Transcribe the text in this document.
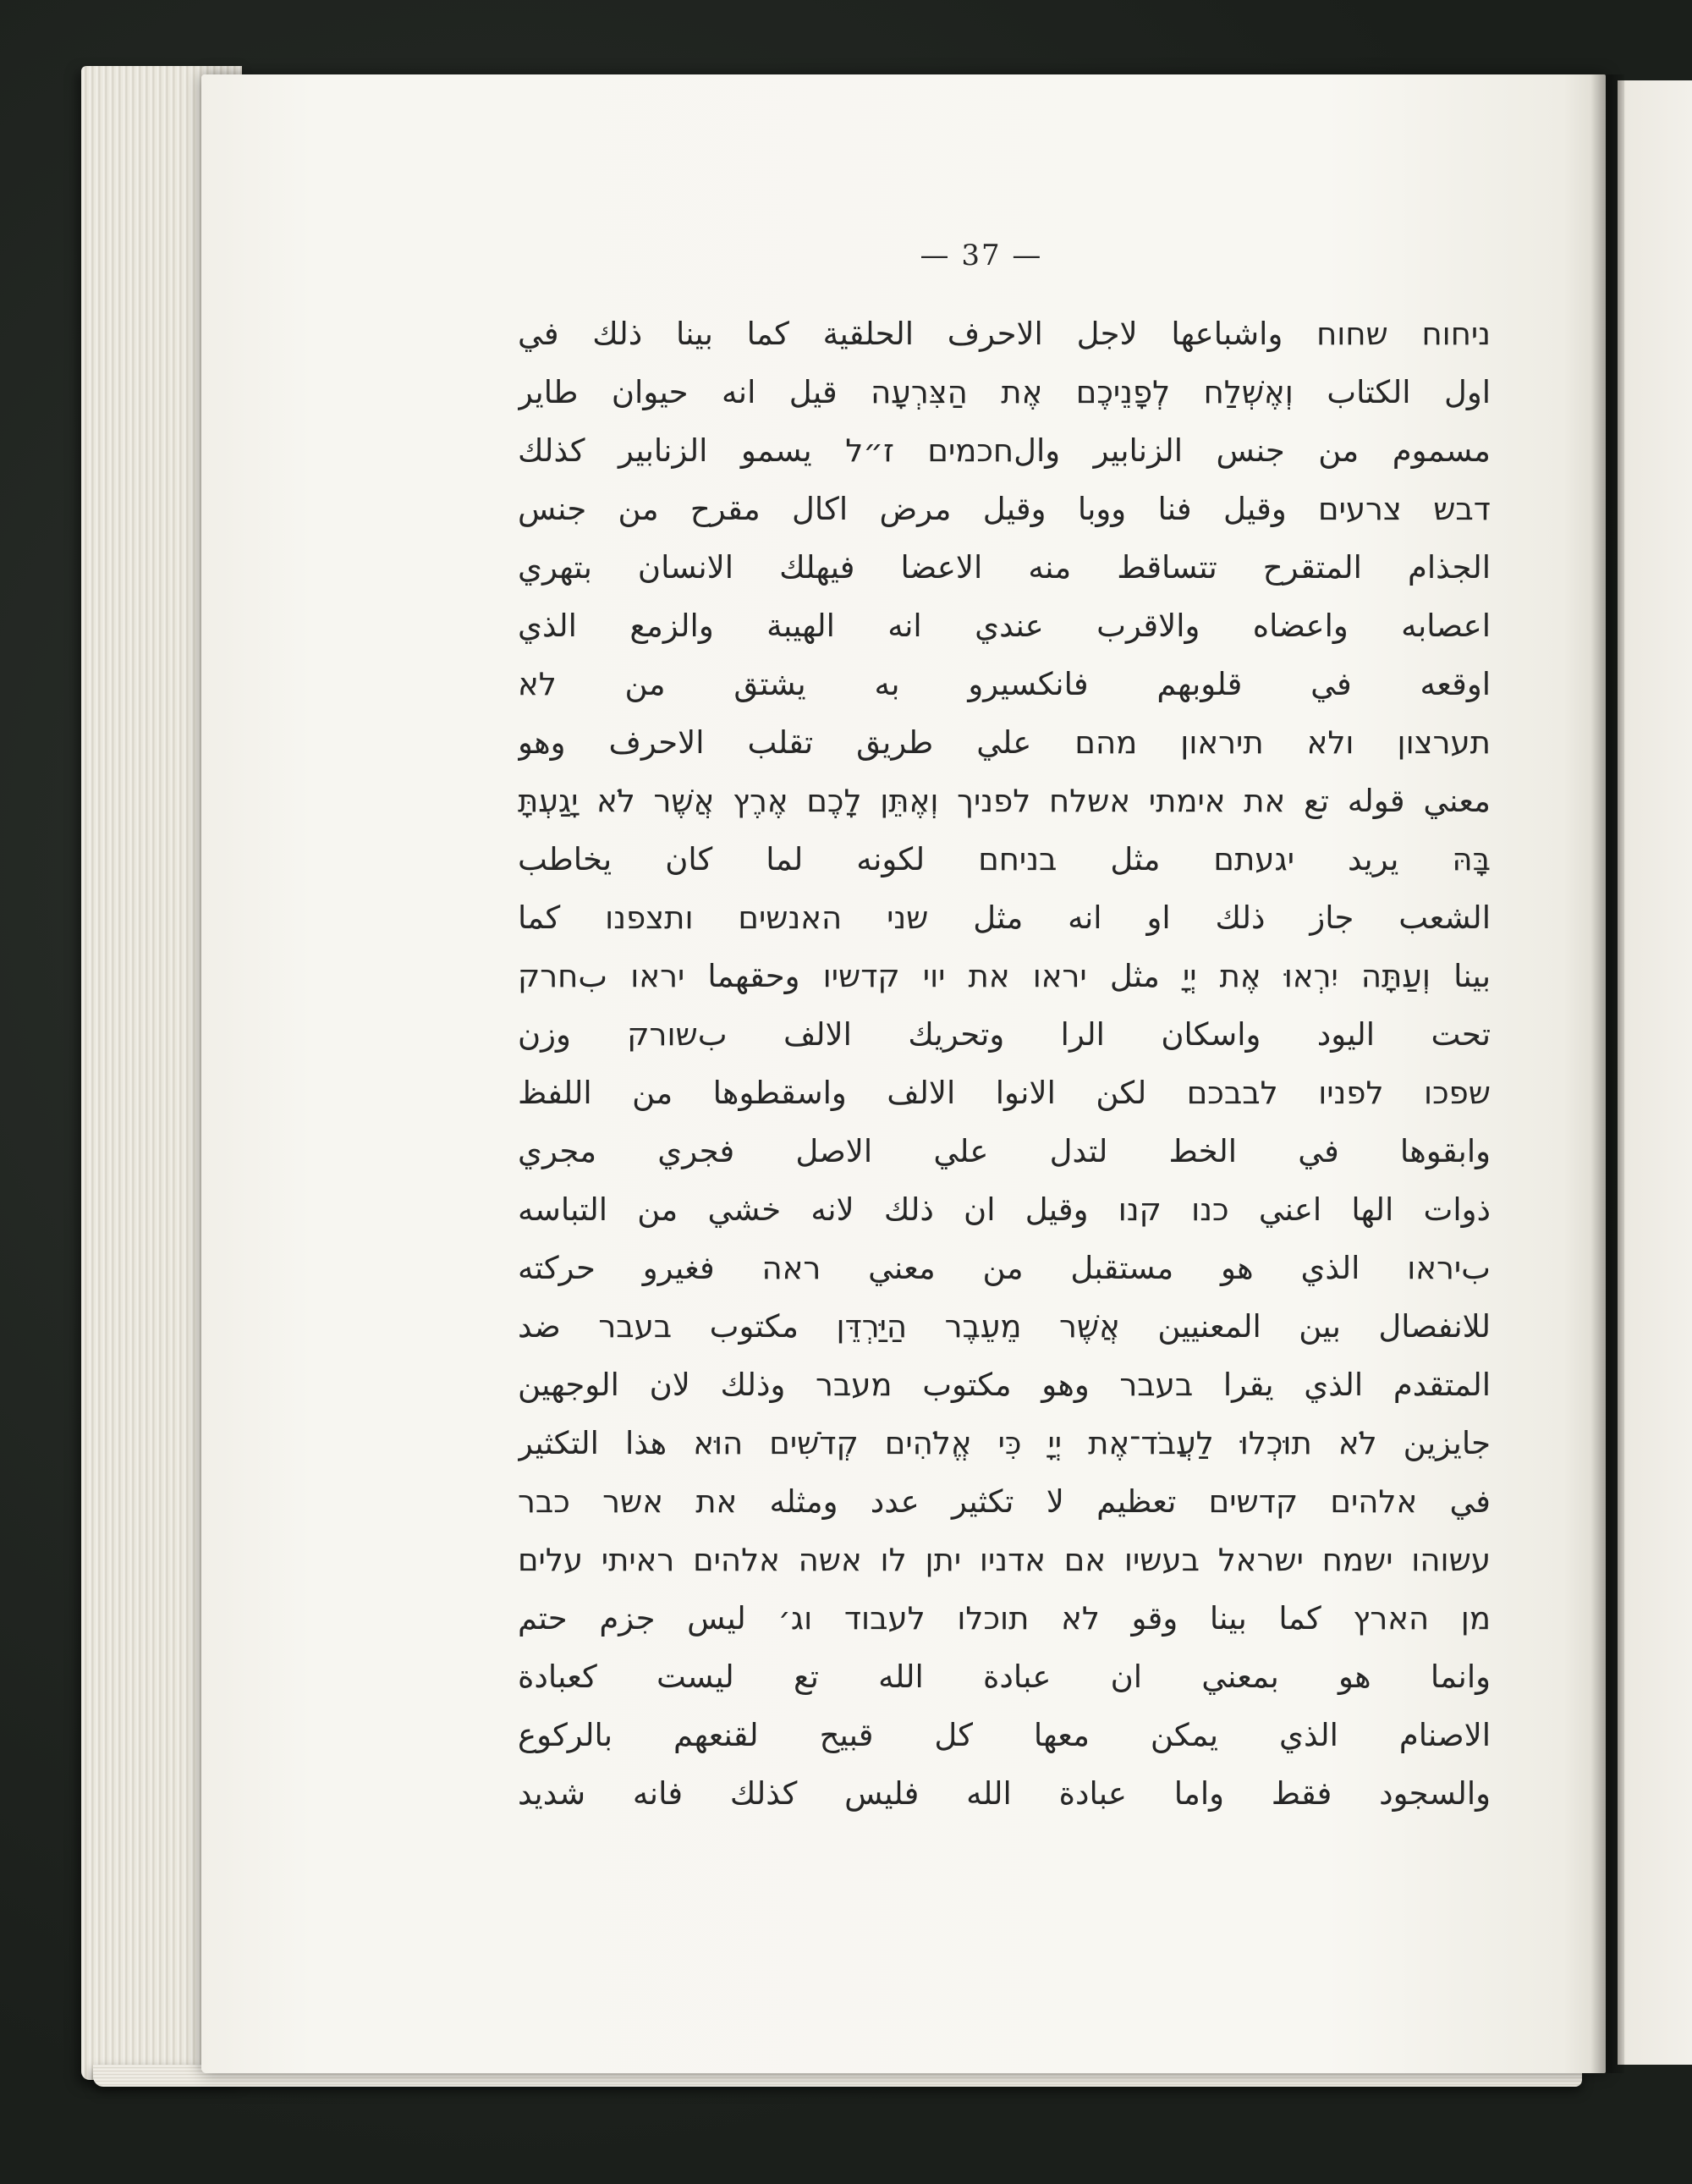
— 37 —
ניחוח שחוח واشباعها لاجل الاحرف الحلقية كما بينا ذلك في
اول الكتاب וְאֶשְׁלַח לְפָנֵיכֶם אֶת הַצִּרְעָה قيل انه حيوان طاير
مسموم من جنس الزنابير والחכמים ז״ל يسمو الزنابير كذلك
דבש צרעים وقيل فنا ووبا وقيل مرض اكال مقرح من جنس
الجذام المتقرح تتساقط منه الاعضا فيهلك الانسان بتهري
اعصابه واعضاه والاقرب عندي انه الهيبة والزمع الذي
اوقعه في قلوبهم فانكسيرو به يشتق من לא
תערצון ולא תיראון מהם علي طريق تقلب الاحرف وهو
معني قوله تع את אימתי אשלח לפניך וְאֶתֵּן לָכֶם אֶרֶץ אֲשֶׁר לֹא יָגַעְתָּ
בָּהּ يريد יגעתם مثل בניחם لكونه لما كان يخاطب
الشعب جاز ذلك او انه مثل שני האנשים ותצפנו كما
بينا וְעַתָּה יִרְאוּ אֶת יְיָ مثل יראו את יוי קדשיו وحقهما יראו بחרק
تحت اليود واسكان الرا وتحريك الالف بשורק وزن
שפכו לפניו לבבכם لكن الانوا الالف واسقطوها من اللفظ
وابقوها في الخط لتدل علي الاصل فجري مجري
ذوات الها اعني כנו קנו وقيل ان ذلك لانه خشي من التباسه
بיראו الذي هو مستقبل من معني ראה فغيرو حركته
للانفصال بين المعنيين אֲשֶׁר מֵעֵבֶר הַיַּרְדֵּן مكتوب בעבר ضد
المتقدم الذي يقرا בעבר وهو مكتوب מעבר وذلك لان الوجهين
جايزين לֹא תוּכְלוּ לַעֲבֹד־אֶת יְיָ כִּי אֱלֹהִים קְדֹשִׁים הוּא هذا التكثير
في אלהים קדשים تعظيم لا تكثير عدد ومثله את אשר כבר
עשוהו ישמח ישראל בעשיו אם אדניו יתן לו אשה אלהים ראיתי עלים
מן הארץ كما بينا وقو לא תוכלו לעבוד וג׳ ليس جزم حتم
وانما هو بمعني ان عبادة الله تع ليست كعبادة
الاصنام الذي يمكن معها كل قبيح لقنعهم بالركوع
والسجود فقط واما عبادة الله فليس كذلك فانه شديد
